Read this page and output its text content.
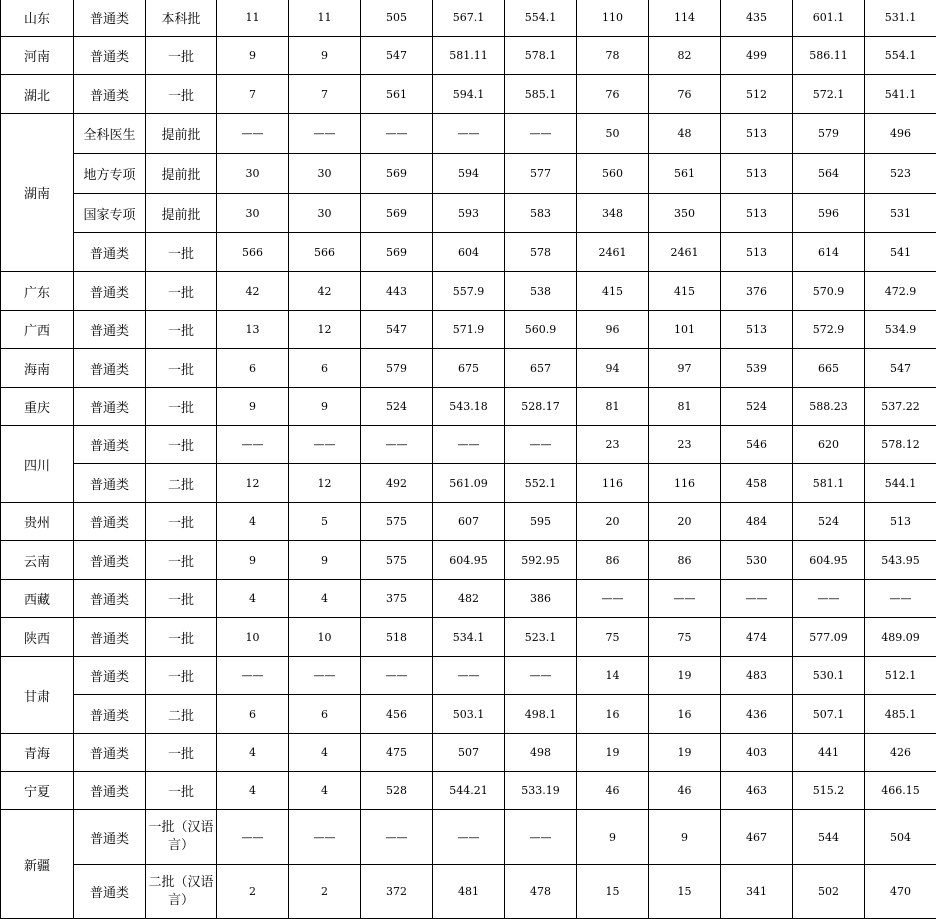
山东	普通类	本科批	11	11	505	567.1	554.1	110	114	435	601.1	531.1
河南	普通类	一批	9	9	547	581.11	578.1	78	82	499	586.11	554.1
湖北	普通类	一批	7	7	561	594.1	585.1	76	76	512	572.1	541.1
湖南	全科医生	提前批	——	——	——	——	——	50	48	513	579	496
	地方专项	提前批	30	30	569	594	577	560	561	513	564	523
	国家专项	提前批	30	30	569	593	583	348	350	513	596	531
	普通类	一批	566	566	569	604	578	2461	2461	513	614	541
广东	普通类	一批	42	42	443	557.9	538	415	415	376	570.9	472.9
广西	普通类	一批	13	12	547	571.9	560.9	96	101	513	572.9	534.9
海南	普通类	一批	6	6	579	675	657	94	97	539	665	547
重庆	普通类	一批	9	9	524	543.18	528.17	81	81	524	588.23	537.22
四川	普通类	一批	——	——	——	——	——	23	23	546	620	578.12
	普通类	二批	12	12	492	561.09	552.1	116	116	458	581.1	544.1
贵州	普通类	一批	4	5	575	607	595	20	20	484	524	513
云南	普通类	一批	9	9	575	604.95	592.95	86	86	530	604.95	543.95
西藏	普通类	一批	4	4	375	482	386	——	——	——	——	——
陕西	普通类	一批	10	10	518	534.1	523.1	75	75	474	577.09	489.09
甘肃	普通类	一批	——	——	——	——	——	14	19	483	530.1	512.1
	普通类	二批	6	6	456	503.1	498.1	16	16	436	507.1	485.1
青海	普通类	一批	4	4	475	507	498	19	19	403	441	426
宁夏	普通类	一批	4	4	528	544.21	533.19	46	46	463	515.2	466.15
新疆	普通类	一批（汉语言）	——	——	——	——	——	9	9	467	544	504
	普通类	二批（汉语言）	2	2	372	481	478	15	15	341	502	470
